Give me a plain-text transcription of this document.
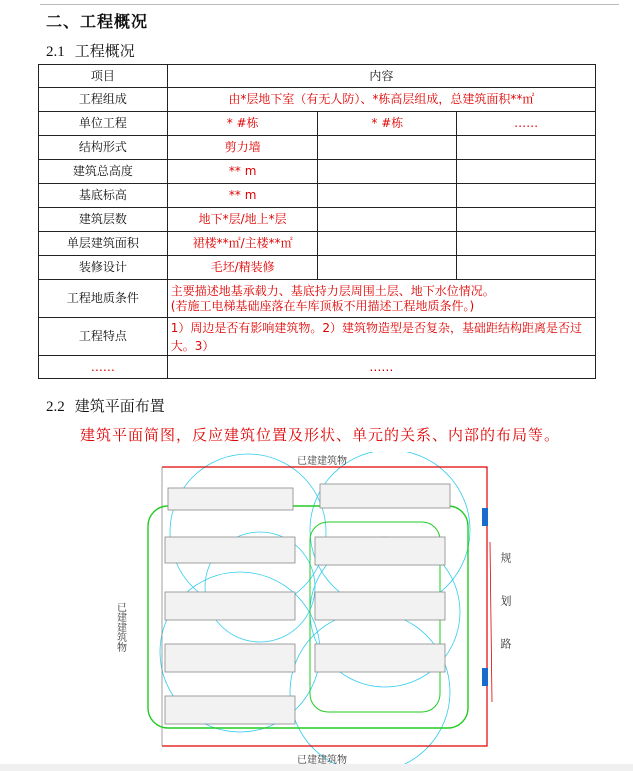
二、工程概况
2.1 工程概况
项目	内容		
工程组成	由*层地下室（有无人防）、*栋高层组成，总建筑面积**㎡		
单位工程	* #栋	* #栋	……
结构形式	剪力墙		
建筑总高度	** m		
基底标高	** m		
建筑层数	地下*层/地上*层		
单层建筑面积	裙楼**㎡/主楼**㎡		
装修设计	毛坯/精装修		
工程地质条件	主要描述地基承载力、基底持力层周围土层、地下水位情况。
(若施工电梯基础座落在车库顶板不用描述工程地质条件。)		
工程特点	1）周边是否有影响建筑物。2）建筑物造型是否复杂，基础距结构距离是否过大。3）		
……	……		
2.2 建筑平面布置
建筑平面简图，反应建筑位置及形状、单元的关系、内部的布局等。
已建建筑物
已建建筑物
已建建筑物	规划路
